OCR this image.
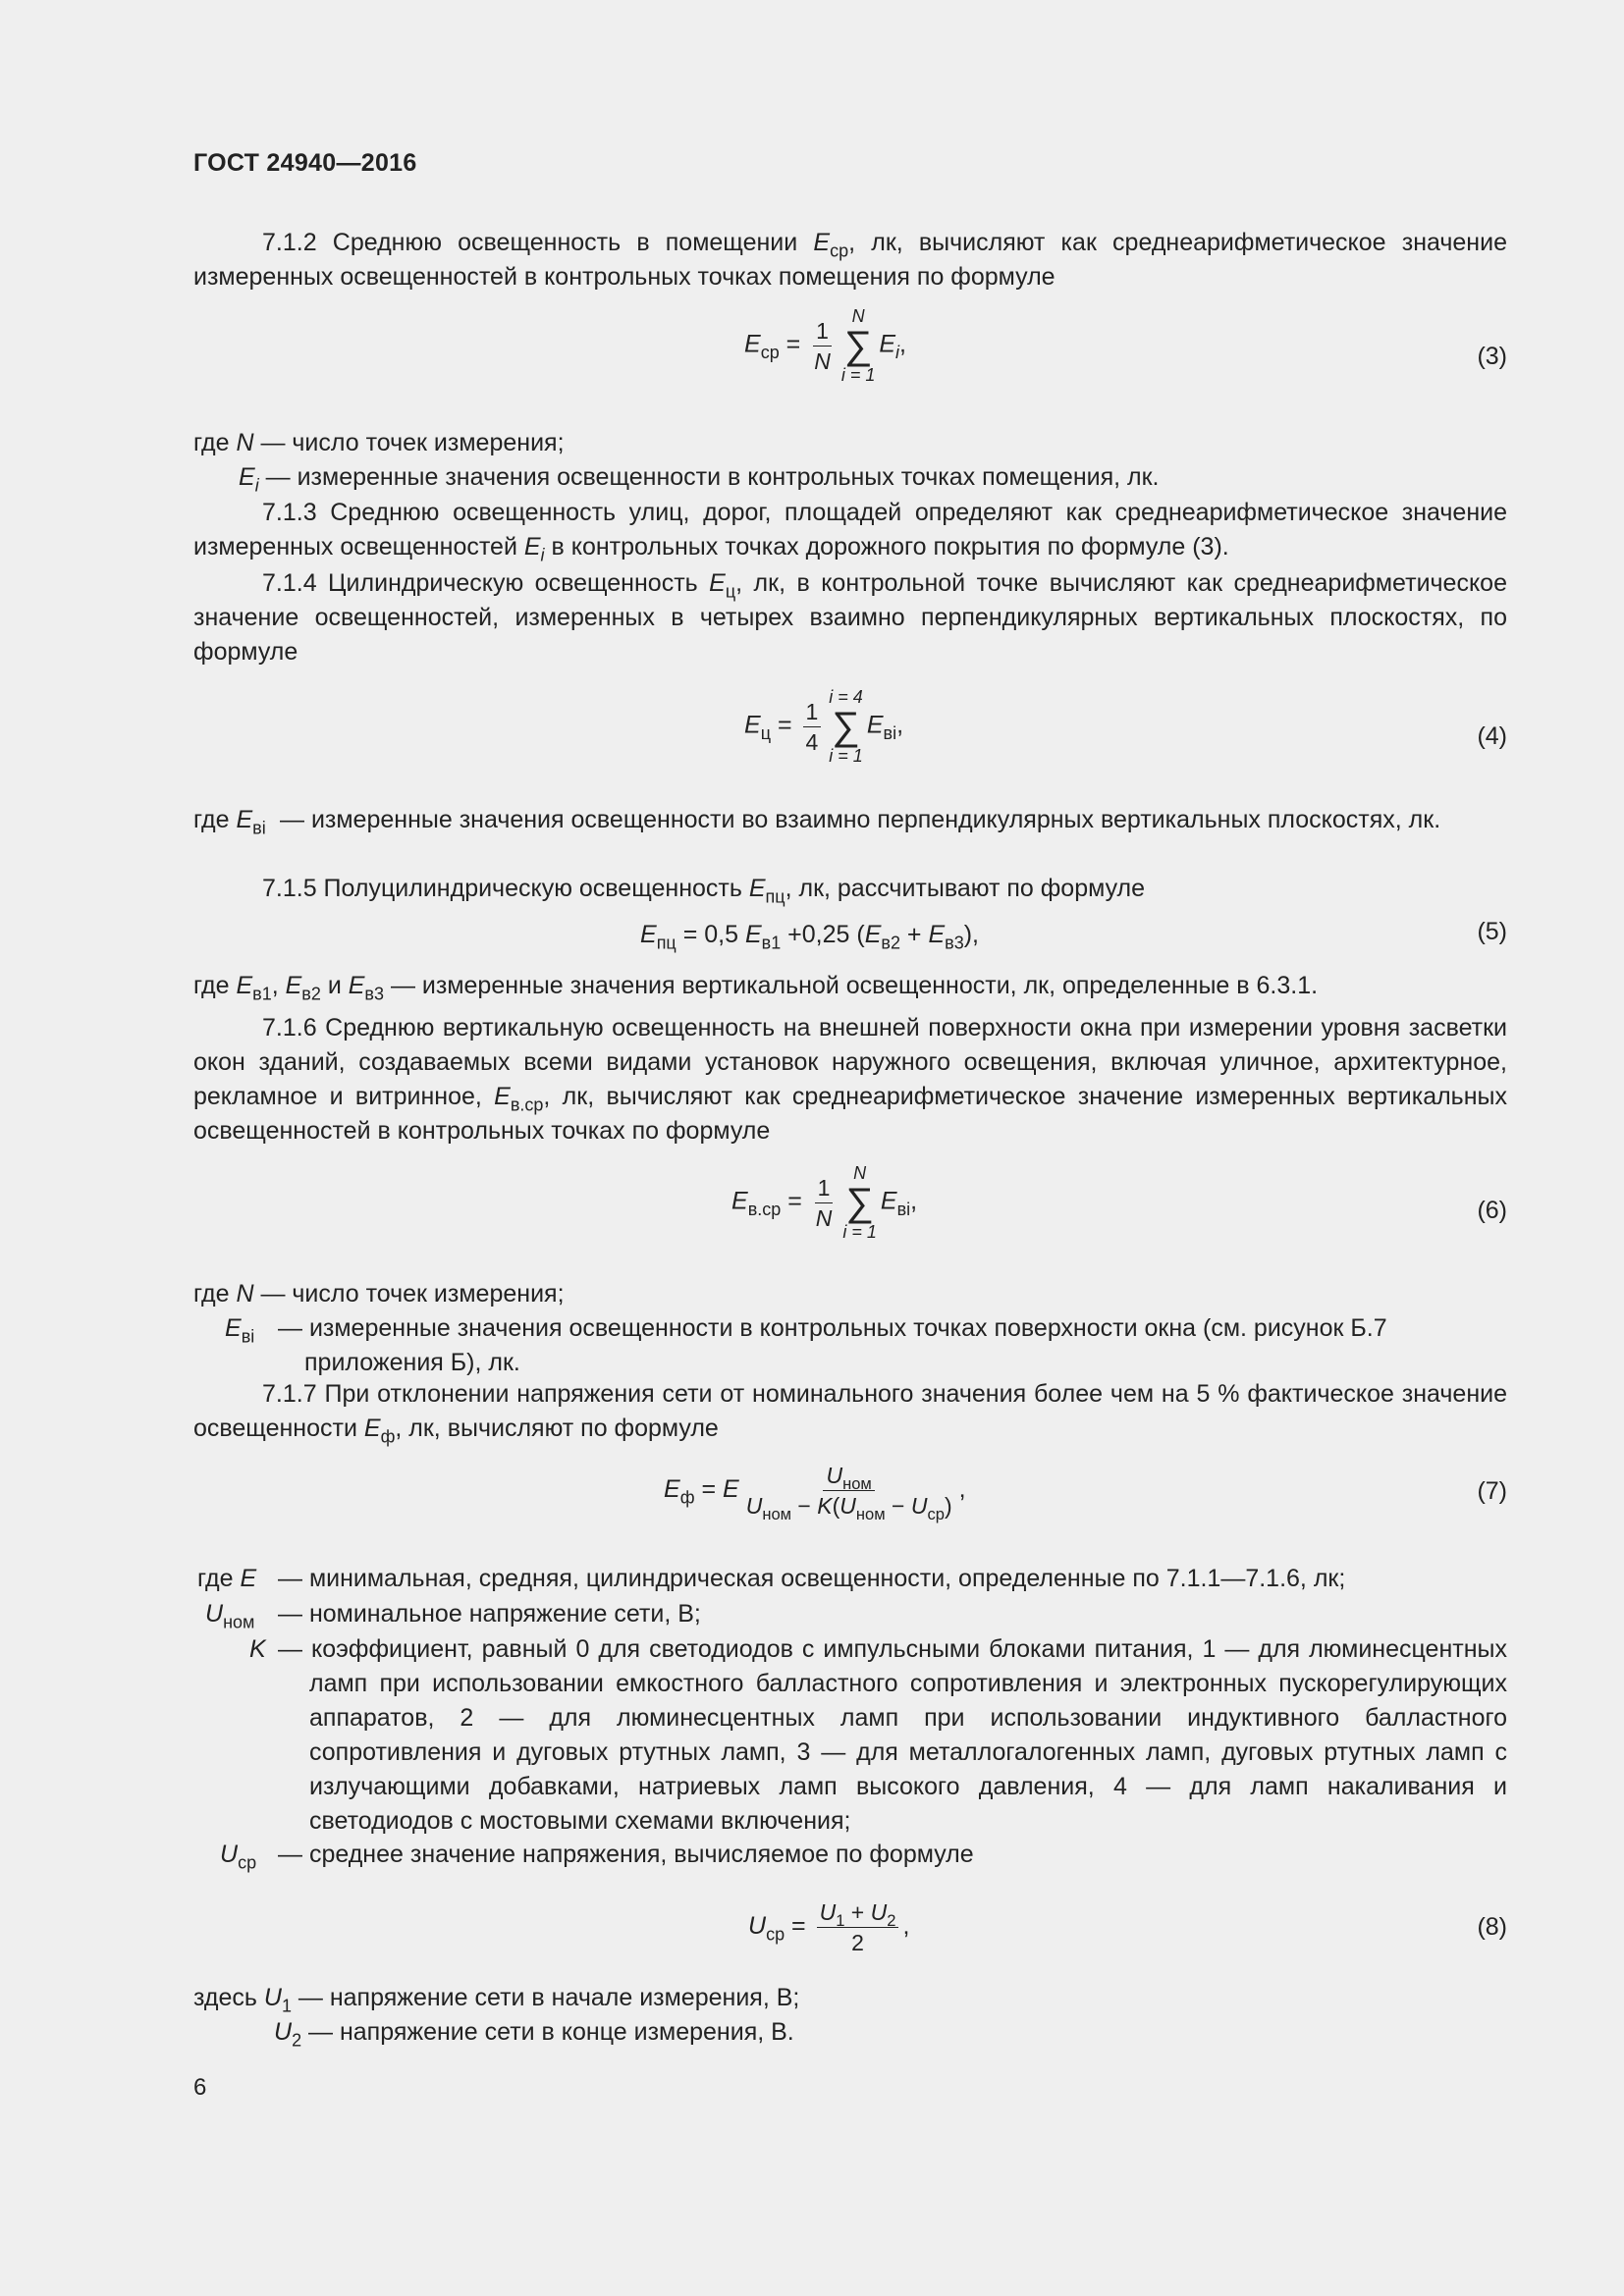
ГОСТ 24940—2016
7.1.2 Среднюю освещенность в помещении $E_{ср}$, лк, вычисляют как среднеарифметическое значение измеренных освещенностей в контрольных точках помещения по формуле
$E_{ср} = \frac{1}{N}$
N
∑
i = 1
$E_i$,	(3)
где N — число точек измерения;
$E_i$ — измеренные значения освещенности в контрольных точках помещения, лк.
7.1.3 Среднюю освещенность улиц, дорог, площадей определяют как среднеарифметическое значение измеренных освещенностей $E_i$ в контрольных точках дорожного покрытия по формуле (3).
7.1.4 Цилиндрическую освещенность $E_ц$, лк, в контрольной точке вычисляют как среднеарифметическое значение освещенностей, измеренных в четырех взаимно перпендикулярных вертикальных плоскостях, по формуле
$E_ц = \frac{1}{4}$
i = 4
∑
i = 1
$E_{вi}$,	(4)
где $E_{вi}$ — измеренные значения освещенности во взаимно перпендикулярных вертикальных плоскостях, лк.
7.1.5 Полуцилиндрическую освещенность $E_{пц}$, лк, рассчитывают по формуле
$E_{пц} = 0,5$ $E_{в1} +0,25$ $(E_{в2} + E_{в3})$,	(5)
где $E_{в1}$, $E_{в2}$ и $E_{в3}$ — измеренные значения вертикальной освещенности, лк, определенные в 6.3.1.
7.1.6 Среднюю вертикальную освещенность на внешней поверхности окна при измерении уровня засветки окон зданий, создаваемых всеми видами установок наружного освещения, включая уличное, архитектурное, рекламное и витринное, $E_{в.ср}$, лк, вычисляют как среднеарифметическое значение измеренных вертикальных освещенностей в контрольных точках по формуле
$E_{в.ср} = \frac{1}{N}$
N
∑
i = 1
$E_{вi}$,	(6)
где N — число точек измерения;
$E_{вi}$ — измеренные значения освещенности в контрольных точках поверхности окна (см. рисунок Б.7 приложения Б), лк.
7.1.7 При отклонении напряжения сети от номинального значения более чем на 5 % фактическое значение освещенности $E_ф$, лк, вычисляют по формуле
$E_ф = E \frac{U_{ном}}{U_{ном} - K(U_{ном} - U_{ср})}$ ,	(7)
где E — минимальная, средняя, цилиндрическая освещенности, определенные по 7.1.1—7.1.6, лк;
$U_{ном}$ — номинальное напряжение сети, В;
K — коэффициент, равный 0 для светодиодов с импульсными блоками питания, 1 — для люминесцентных ламп при использовании емкостного балластного сопротивления и электронных пускорегулирующих аппаратов, 2 — для люминесцентных ламп при использовании индуктивного балластного сопротивления и дуговых ртутных ламп, 3 — для металлогалогенных ламп, дуговых ртутных ламп с излучающими добавками, натриевых ламп высокого давления, 4 — для ламп накаливания и светодиодов с мостовыми схемами включения;
$U_{ср}$ — среднее значение напряжения, вычисляемое по формуле
$U_{ср} = \frac{U_1 + U_2}{2}$ ,	(8)
здесь $U_1$ — напряжение сети в начале измерения, В;
$U_2$ — напряжение сети в конце измерения, В.
6
